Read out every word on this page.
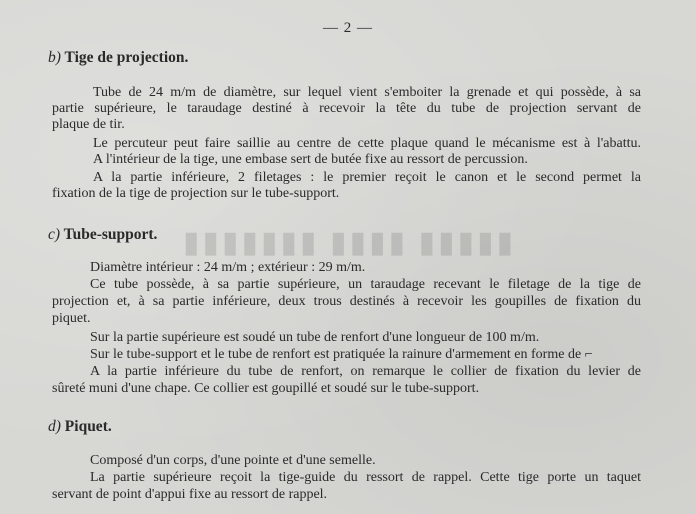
▮▮▮▮▮ ▮▮▮▮ ▮▮▮▮▮▮▮
— 2 —
b) Tige de projection.
Tube de 24 m/m de diamètre, sur lequel vient s'emboiter la grenade et qui possède, à sa
partie supérieure, le taraudage destiné à recevoir la tête du tube de projection servant de
plaque de tir.
Le percuteur peut faire saillie au centre de cette plaque quand le mécanisme est à l'abattu.
A l'intérieur de la tige, une embase sert de butée fixe au ressort de percussion.
A la partie inférieure, 2 filetages : le premier reçoit le canon et le second permet la
fixation de la tige de projection sur le tube-support.
c) Tube-support.
Diamètre intérieur : 24 m/m ; extérieur : 29 m/m.
Ce tube possède, à sa partie supérieure, un taraudage recevant le filetage de la tige de
projection et, à sa partie inférieure, deux trous destinés à recevoir les goupilles de fixation du
piquet.
Sur la partie supérieure est soudé un tube de renfort d'une longueur de 100 m/m.
Sur le tube-support et le tube de renfort est pratiquée la rainure d'armement en forme de ⌐
A la partie inférieure du tube de renfort, on remarque le collier de fixation du levier de
sûreté muni d'une chape. Ce collier est goupillé et soudé sur le tube-support.
d) Piquet.
Composé d'un corps, d'une pointe et d'une semelle.
La partie supérieure reçoit la tige-guide du ressort de rappel. Cette tige porte un taquet
servant de point d'appui fixe au ressort de rappel.
